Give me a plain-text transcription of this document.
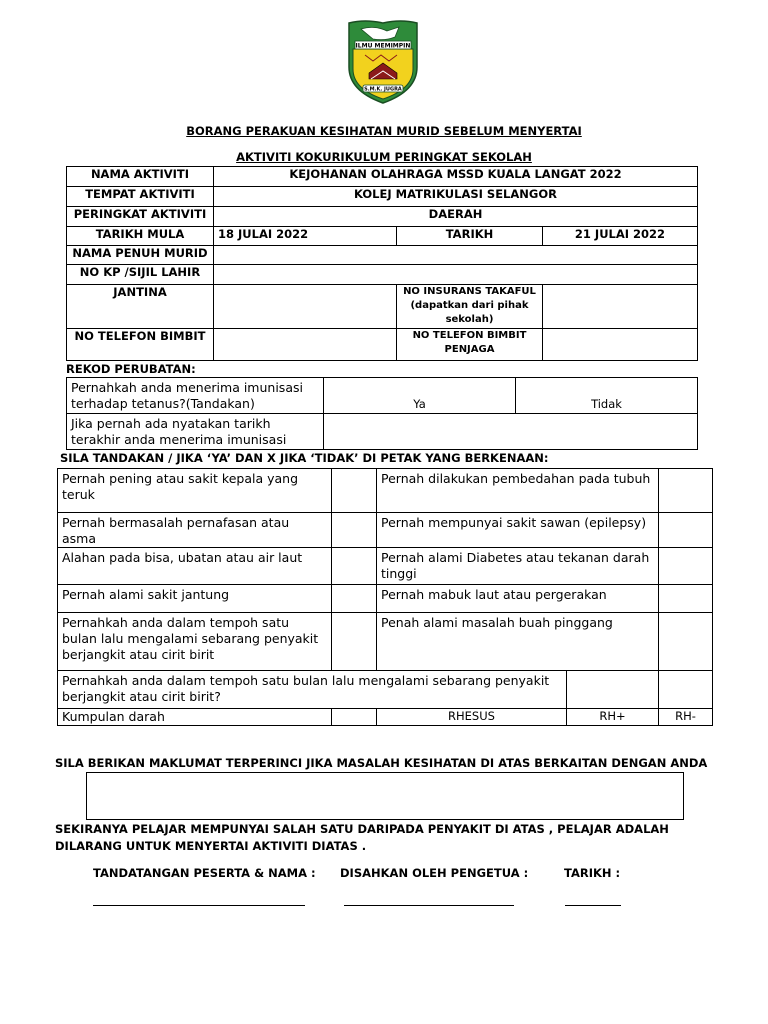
ILMU MEMIMPIN
S.M.K. JUGRA
BORANG PERAKUAN KESIHATAN MURID SEBELUM MENYERTAI
AKTIVITI KOKURIKULUM PERINGKAT SEKOLAH
NAMA AKTIVITI	KEJOHANAN OLAHRAGA MSSD KUALA LANGAT 2022		
TEMPAT AKTIVITI	KOLEJ MATRIKULASI SELANGOR		
PERINGKAT AKTIVITI	DAERAH		
TARIKH MULA	18 JULAI 2022	TARIKH	21 JULAI 2022
NAMA PENUH MURID			
NO KP /SIJIL LAHIR			
JANTINA		NO INSURANS TAKAFUL (dapatkan dari pihak sekolah)	
NO TELEFON BIMBIT		NO TELEFON BIMBIT PENJAGA	
REKOD PERUBATAN:
Pernahkah anda menerima imunisasi terhadap tetanus?(Tandakan)	Ya	Tidak
Jika pernah ada nyatakan tarikh terakhir anda menerima imunisasi		
SILA TANDAKAN / JIKA ‘YA’ DAN X JIKA ‘TIDAK’ DI PETAK YANG BERKENAAN:
Pernah pening atau sakit kepala yang teruk		Pernah dilakukan pembedahan pada tubuh		
Pernah bermasalah pernafasan atau asma		Pernah mempunyai sakit sawan (epilepsy)		
Alahan pada bisa, ubatan atau air laut		Pernah alami Diabetes atau tekanan darah tinggi		
Pernah alami sakit jantung		Pernah mabuk laut atau pergerakan		
Pernahkah anda dalam tempoh satu bulan lalu mengalami sebarang penyakit berjangkit atau cirit birit		Penah alami masalah buah pinggang		
Pernahkah anda dalam tempoh satu bulan lalu mengalami sebarang penyakit berjangkit atau cirit birit?				
Kumpulan darah		RHESUS	RH+	RH-
SILA BERIKAN MAKLUMAT TERPERINCI JIKA MASALAH KESIHATAN DI ATAS BERKAITAN DENGAN ANDA
SEKIRANYA PELAJAR MEMPUNYAI SALAH SATU DARIPADA PENYAKIT DI ATAS , PELAJAR ADALAH
DILARANG UNTUK MENYERTAI AKTIVITI DIATAS .
TANDATANGAN PESERTA & NAMA : DISAHKAN OLEH PENGETUA :	TARIKH :
